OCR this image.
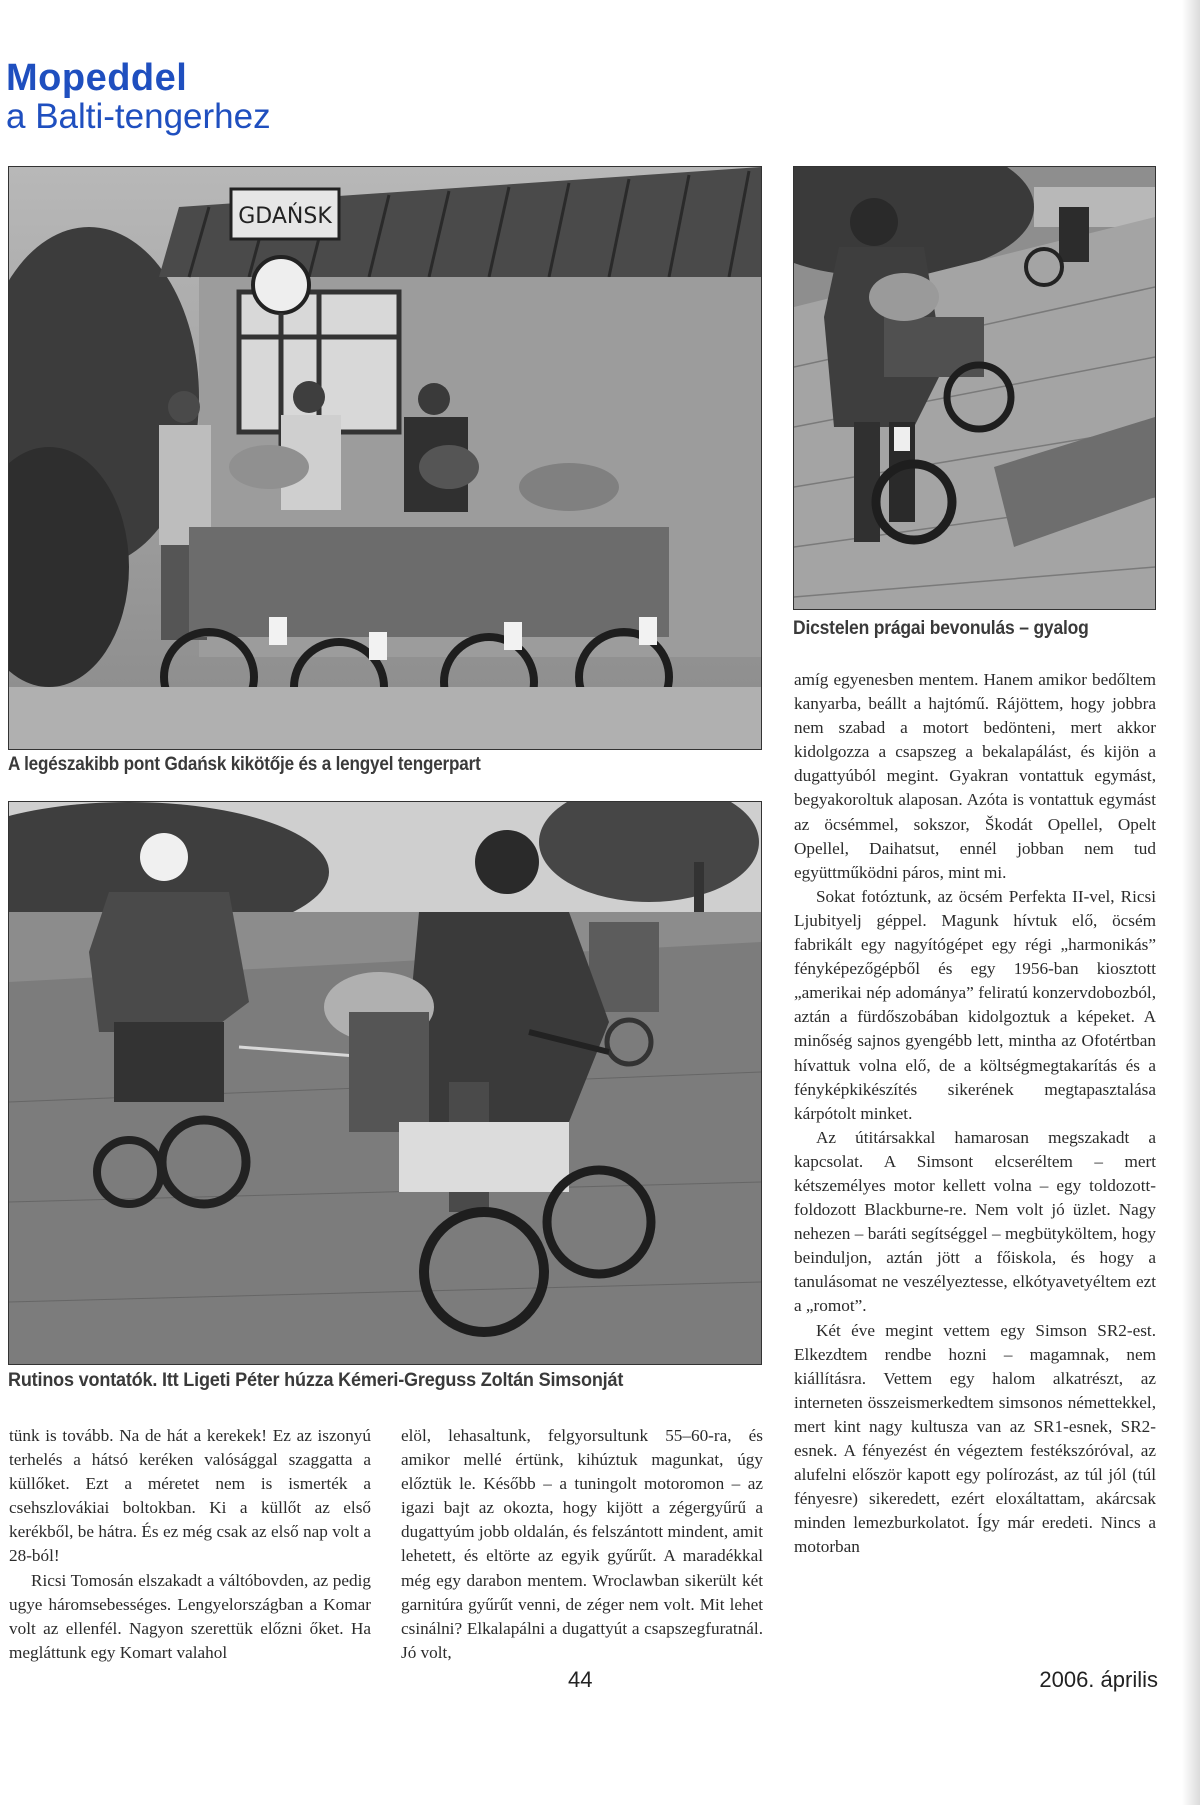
Mopeddel
a Balti-tengerhez
GDAŃSK

A legészakibb pont Gdańsk kikötője és a lengyel tengerpart

Dicstelen prágai bevonulás – gyalog

Rutinos vontatók. Itt Ligeti Péter húzza Kémeri-Greguss Zoltán Simsonját

tünk is tovább. Na de hát a kerekek! Ez az iszonyú terhelés a hátsó keréken valósággal szaggatta a küllőket. Ezt a méretet nem is ismerték a csehszlovákiai boltokban. Ki a küllőt az első kerékből, be hátra. És ez még csak az első nap volt a 28-ból!

Ricsi Tomosán elszakadt a váltóbovden, az pedig ugye háromsebességes. Lengyelországban a Komar volt az ellenfél. Nagyon szerettük előzni őket. Ha megláttunk egy Komart valahol

elöl, lehasaltunk, felgyorsultunk 55–60-ra, és amikor mellé értünk, kihúztuk magunkat, úgy előztük le. Később – a tuningolt motoromon – az igazi bajt az okozta, hogy kijött a zégergyűrű a dugattyúm jobb oldalán, és felszántott mindent, amit lehetett, és eltörte az egyik gyűrűt. A maradékkal még egy darabon mentem. Wroclawban sikerült két garnitúra gyűrűt venni, de zéger nem volt. Mit lehet csinálni? Elkalapálni a dugattyút a csapszegfuratnál. Jó volt,

amíg egyenesben mentem. Hanem amikor bedőltem kanyarba, beállt a hajtómű. Rájöttem, hogy jobbra nem szabad a motort bedönteni, mert akkor kidolgozza a csapszeg a bekalapálást, és kijön a dugattyúból megint. Gyakran vontattuk egymást, begyakoroltuk alaposan. Azóta is vontattuk egymást az öcsémmel, sokszor, Škodát Opellel, Opelt Opellel, Daihatsut, ennél jobban nem tud együttműködni páros, mint mi.

Sokat fotóztunk, az öcsém Perfekta II-vel, Ricsi Ljubityelj géppel. Magunk hívtuk elő, öcsém fabrikált egy nagyítógépet egy régi „harmonikás” fényképezőgépből és egy 1956-ban kiosztott „amerikai nép adománya” feliratú konzervdobozból, aztán a fürdőszobában kidolgoztuk a képeket. A minőség sajnos gyengébb lett, mintha az Ofotértban hívattuk volna elő, de a költségmegtakarítás és a fényképkikészítés sikerének megtapasztalása kárpótolt minket.

Az útitársakkal hamarosan megszakadt a kapcsolat. A Simsont elcseréltem – mert kétszemélyes motor kellett volna – egy toldozott-foldozott Blackburne-re. Nem volt jó üzlet. Nagy nehezen – baráti segítséggel – megbütyköltem, hogy beinduljon, aztán jött a főiskola, és hogy a tanulásomat ne veszélyeztesse, elkótyavetyéltem ezt a „romot”.

Két éve megint vettem egy Simson SR2-est. Elkezdtem rendbe hozni – magamnak, nem kiállításra. Vettem egy halom alkatrészt, az interneten összeismerkedtem simsonos némettekkel, mert kint nagy kultusza van az SR1-esnek, SR2-esnek. A fényezést én végeztem festékszóróval, az alufelni először kapott egy polírozást, az túl jól (túl fényesre) sikeredett, ezért eloxáltattam, akárcsak minden lemezburkolatot. Így már eredeti. Nincs a motorban

44	2006. április
